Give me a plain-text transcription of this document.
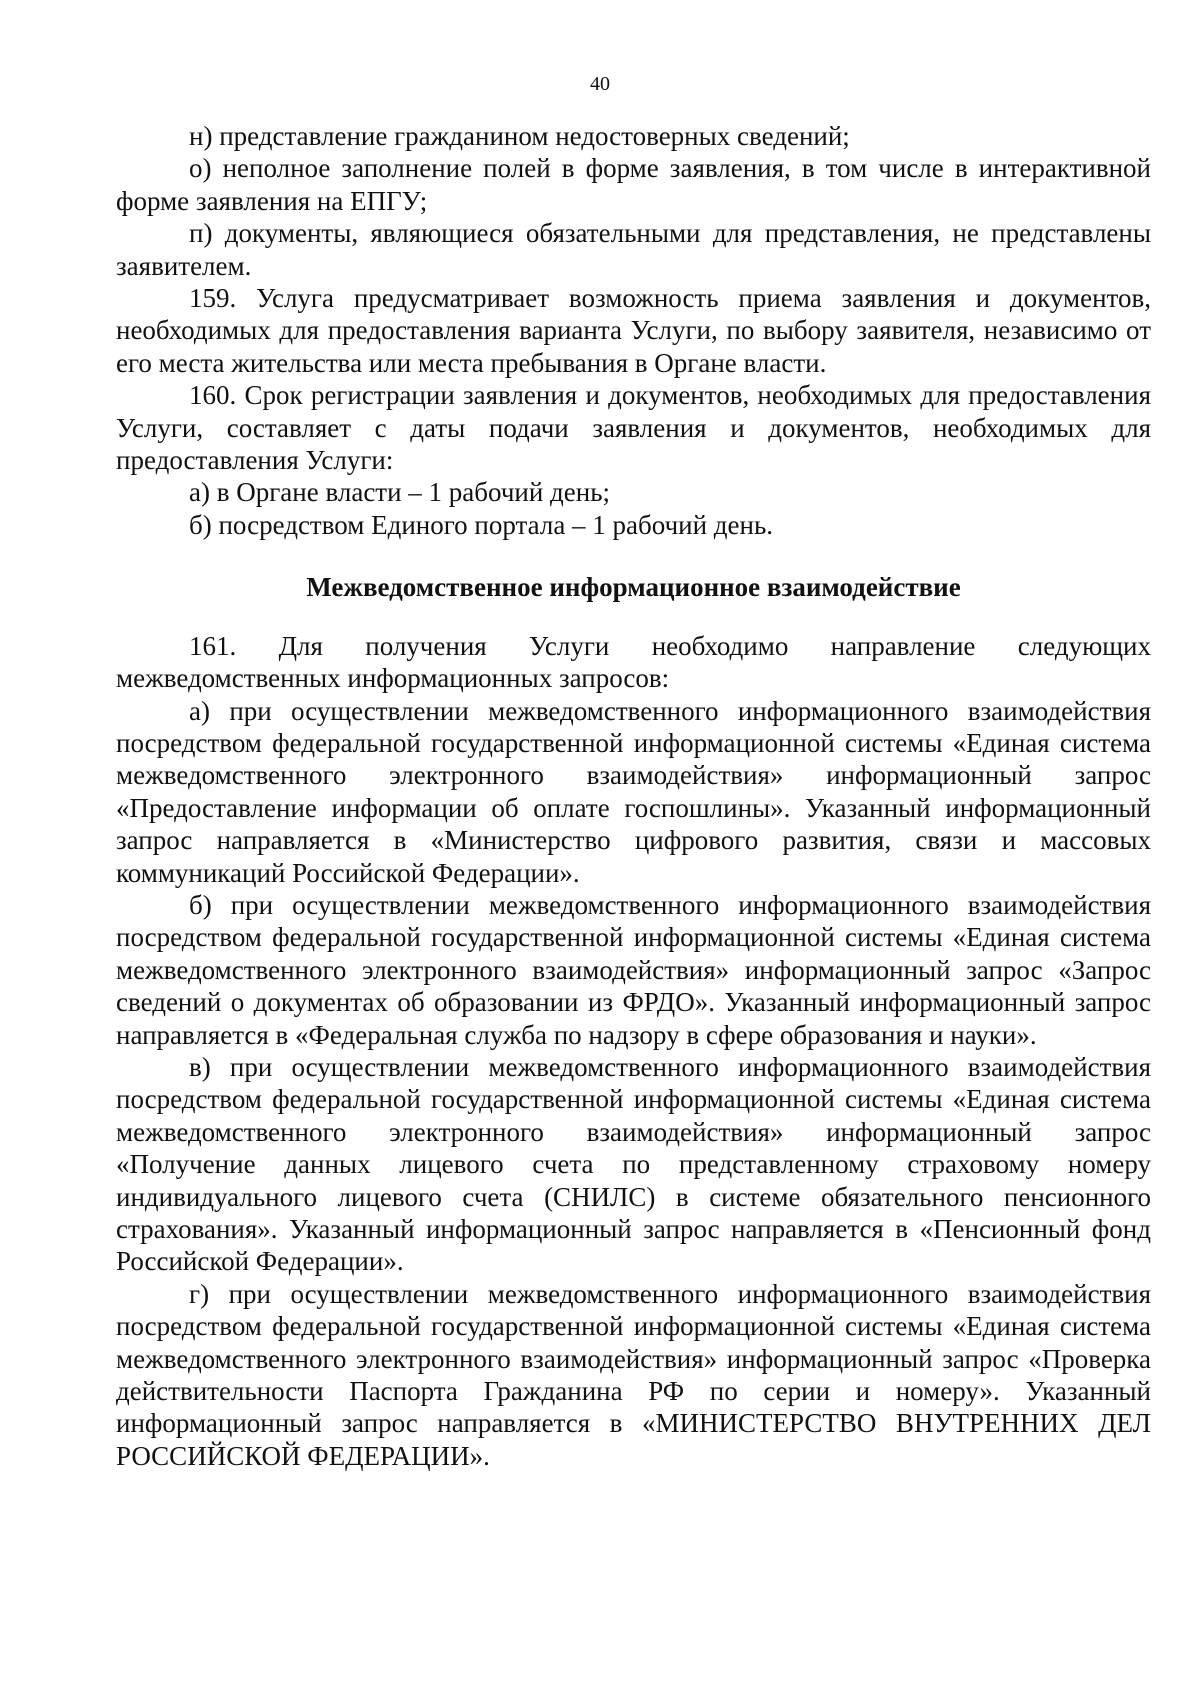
40

н) представление гражданином недостоверных сведений;

о) неполное заполнение полей в форме заявления, в том числе в интерактивной форме заявления на ЕПГУ;

п) документы, являющиеся обязательными для представления, не представлены заявителем.

159. Услуга предусматривает возможность приема заявления и документов, необходимых для предоставления варианта Услуги, по выбору заявителя, независимо от его места жительства или места пребывания в Органе власти.

160. Срок регистрации заявления и документов, необходимых для предоставления Услуги, составляет с даты подачи заявления и документов, необходимых для предоставления Услуги:

а) в Органе власти – 1 рабочий день;

б) посредством Единого портала – 1 рабочий день.

Межведомственное информационное взаимодействие

161. Для получения Услуги необходимо направление следующих межведомственных информационных запросов:

а) при осуществлении межведомственного информационного взаимодействия посредством федеральной государственной информационной системы «Единая система межведомственного электронного взаимодействия» информационный запрос «Предоставление информации об оплате госпошлины». Указанный информационный запрос направляется в «Министерство цифрового развития, связи и массовых коммуникаций Российской Федерации».

б) при осуществлении межведомственного информационного взаимодействия посредством федеральной государственной информационной системы «Единая система межведомственного электронного взаимодействия» информационный запрос «Запрос сведений о документах об образовании из ФРДО». Указанный информационный запрос направляется в «Федеральная служба по надзору в сфере образования и науки».

в) при осуществлении межведомственного информационного взаимодействия посредством федеральной государственной информационной системы «Единая система межведомственного электронного взаимодействия» информационный запрос «Получение данных лицевого счета по представленному страховому номеру индивидуального лицевого счета (СНИЛС) в системе обязательного пенсионного страхования». Указанный информационный запрос направляется в «Пенсионный фонд Российской Федерации».

г) при осуществлении межведомственного информационного взаимодействия посредством федеральной государственной информационной системы «Единая система межведомственного электронного взаимодействия» информационный запрос «Проверка действительности Паспорта Гражданина РФ по серии и номеру». Указанный информационный запрос направляется в «МИНИСТЕРСТВО ВНУТРЕННИХ ДЕЛ РОССИЙСКОЙ ФЕДЕРАЦИИ».
